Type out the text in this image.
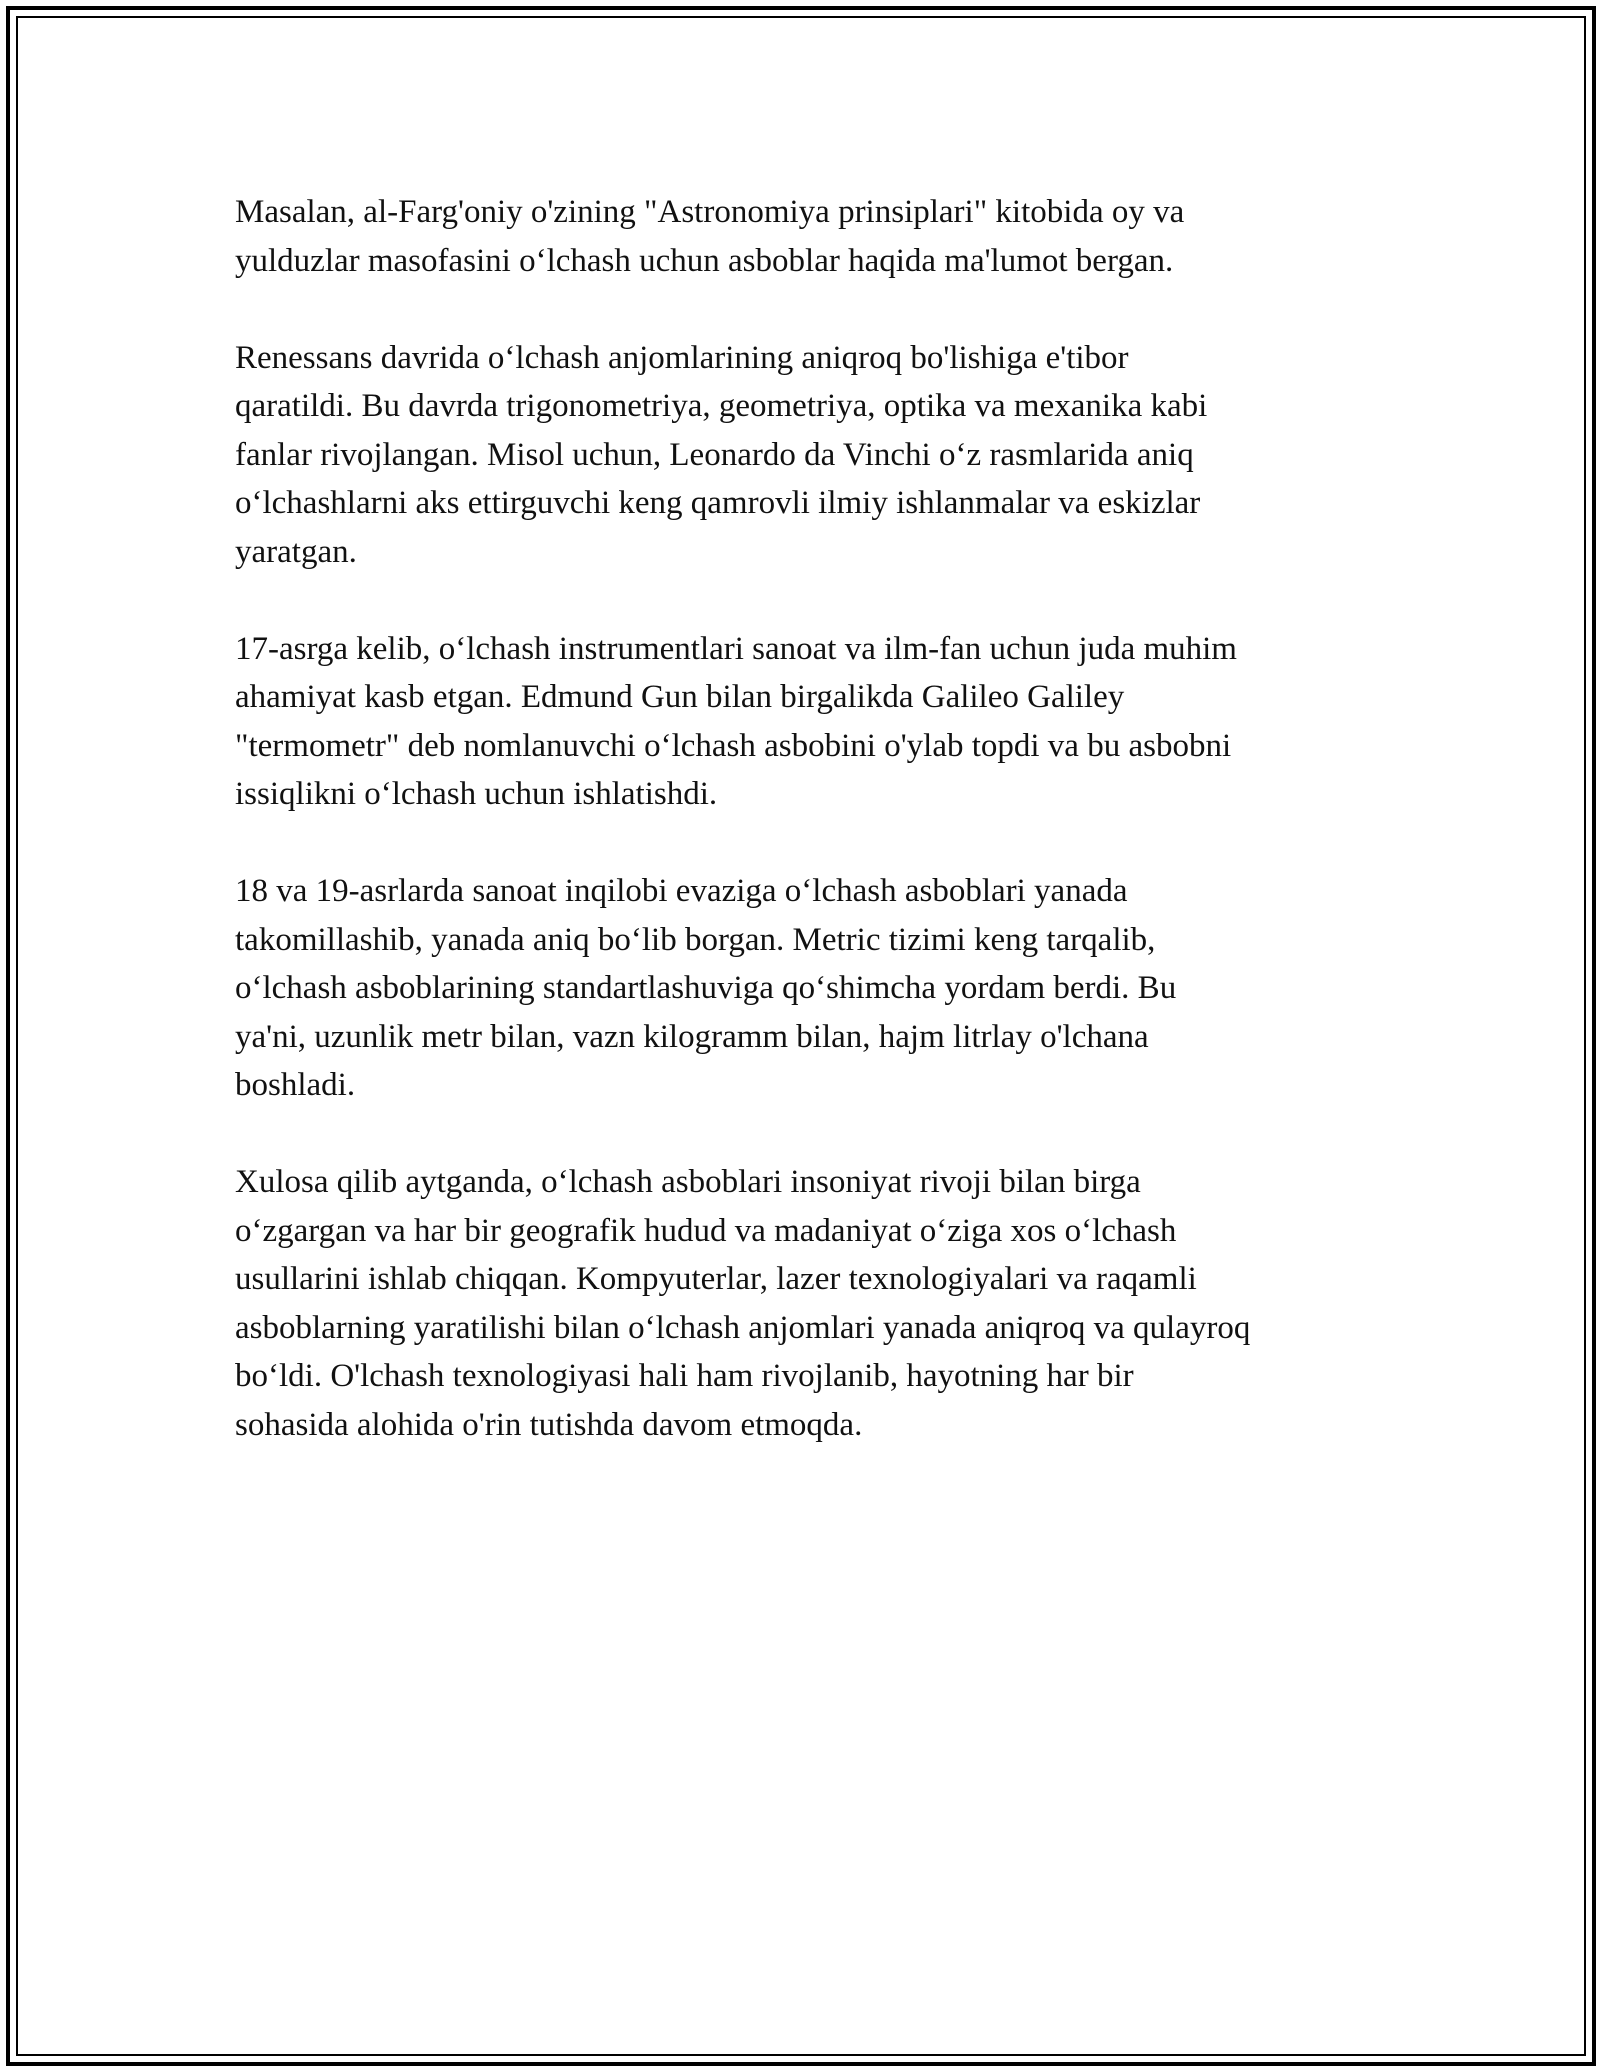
Masalan, al-Farg'oniy o'zining "Astronomiya prinsiplari" kitobida oy va
yulduzlar masofasini o‘lchash uchun asboblar haqida ma'lumot bergan.

Renessans davrida o‘lchash anjomlarining aniqroq bo'lishiga e'tibor
qaratildi. Bu davrda trigonometriya, geometriya, optika va mexanika kabi
fanlar rivojlangan. Misol uchun, Leonardo da Vinchi o‘z rasmlarida aniq
o‘lchashlarni aks ettirguvchi keng qamrovli ilmiy ishlanmalar va eskizlar
yaratgan.

17-asrga kelib, o‘lchash instrumentlari sanoat va ilm-fan uchun juda muhim
ahamiyat kasb etgan. Edmund Gun bilan birgalikda Galileo Galiley
"termometr" deb nomlanuvchi o‘lchash asbobini o'ylab topdi va bu asbobni
issiqlikni o‘lchash uchun ishlatishdi.

18 va 19-asrlarda sanoat inqilobi evaziga o‘lchash asboblari yanada
takomillashib, yanada aniq bo‘lib borgan. Metric tizimi keng tarqalib,
o‘lchash asboblarining standartlashuviga qo‘shimcha yordam berdi. Bu
ya'ni, uzunlik metr bilan, vazn kilogramm bilan, hajm litrlay o'lchana
boshladi.

Xulosa qilib aytganda, o‘lchash asboblari insoniyat rivoji bilan birga
o‘zgargan va har bir geografik hudud va madaniyat o‘ziga xos o‘lchash
usullarini ishlab chiqqan. Kompyuterlar, lazer texnologiyalari va raqamli
asboblarning yaratilishi bilan o‘lchash anjomlari yanada aniqroq va qulayroq
bo‘ldi. O'lchash texnologiyasi hali ham rivojlanib, hayotning har bir
sohasida alohida o'rin tutishda davom etmoqda.
